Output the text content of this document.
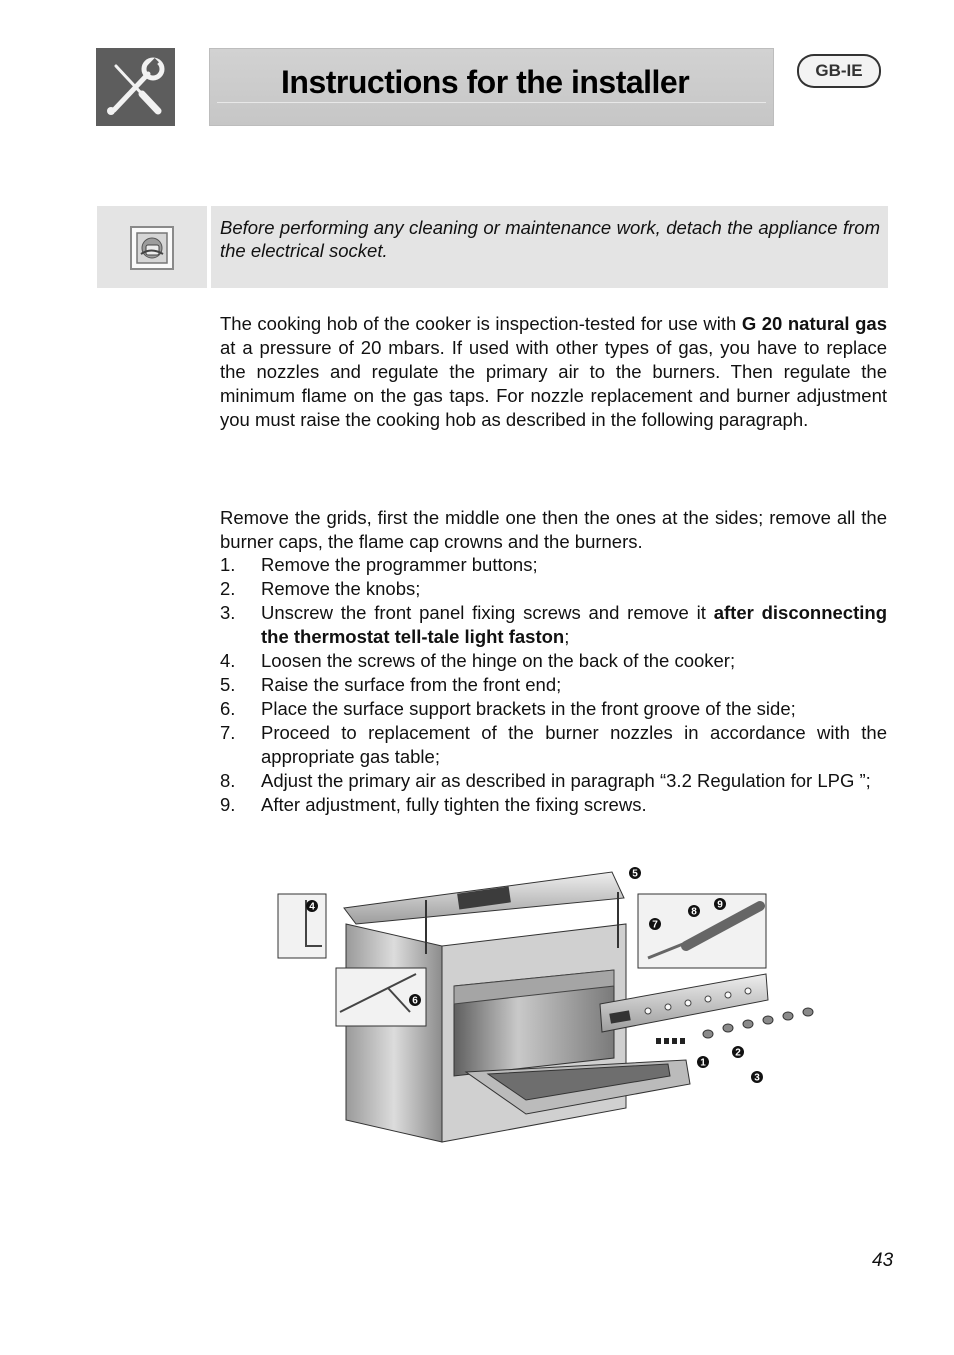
Instructions for the installer	GB-IE
Before performing any cleaning or maintenance work, detach the appliance from the electrical socket.
The cooking hob of the cooker is inspection-tested for use with G 20 natural gas at a pressure of 20 mbars. If used with other types of gas, you have to replace the nozzles and regulate the primary air to the burners. Then regulate the minimum flame on the gas taps. For nozzle replacement and burner adjustment you must raise the cooking hob as described in the following paragraph.
Remove the grids, first the middle one then the ones at the sides; remove all the burner caps, the flame cap crowns and the burners.
1. Remove the programmer buttons;
2. Remove the knobs;
3. Unscrew the front panel fixing screws and remove it after disconnecting the thermostat tell-tale light faston;
4. Loosen the screws of the hinge on the back of the cooker;
5. Raise the surface from the front end;
6. Place the surface support brackets in the front groove of the side;
7. Proceed to replacement of the burner nozzles in accordance with the appropriate gas table;
8. Adjust the primary air as described in paragraph “3.2 Regulation for LPG ”;
9. After adjustment, fully tighten the fixing screws.
1
2
3
4
5
6
7
8
9
43
